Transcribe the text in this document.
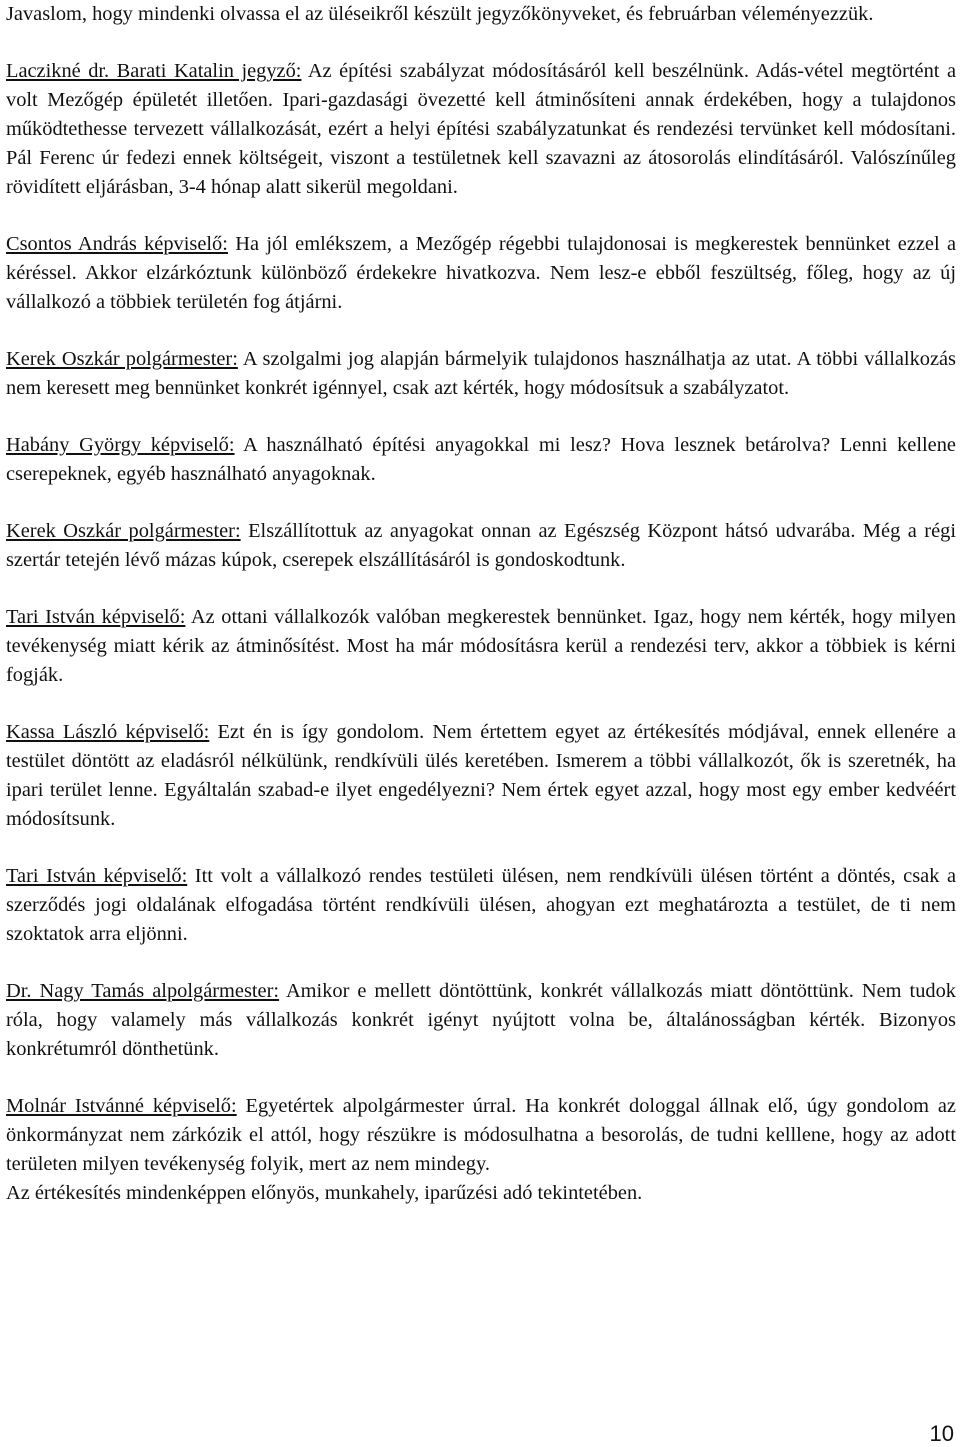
Javaslom, hogy mindenki olvassa el az üléseikről készült jegyzőkönyveket, és februárban véleményezzük.

Laczikné dr. Barati Katalin jegyző: Az építési szabályzat módosításáról kell beszélnünk. Adás-vétel megtörtént a volt Mezőgép épületét illetően. Ipari-gazdasági övezetté kell átminősíteni annak érdekében, hogy a tulajdonos működtethesse tervezett vállalkozását, ezért a helyi építési szabályzatunkat és rendezési tervünket kell módosítani. Pál Ferenc úr fedezi ennek költségeit, viszont a testületnek kell szavazni az átosorolás elindításáról. Valószínűleg rövidített eljárásban, 3-4 hónap alatt sikerül megoldani.

Csontos András képviselő: Ha jól emlékszem, a Mezőgép régebbi tulajdonosai is megkerestek bennünket ezzel a kéréssel. Akkor elzárkóztunk különböző érdekekre hivatkozva. Nem lesz-e ebből feszültség, főleg, hogy az új vállalkozó a többiek területén fog átjárni.

Kerek Oszkár polgármester: A szolgalmi jog alapján bármelyik tulajdonos használhatja az utat. A többi vállalkozás nem keresett meg bennünket konkrét igénnyel, csak azt kérték, hogy módosítsuk a szabályzatot.

Habány György képviselő: A használható építési anyagokkal mi lesz? Hova lesznek betárolva? Lenni kellene cserepeknek, egyéb használható anyagoknak.

Kerek Oszkár polgármester: Elszállítottuk az anyagokat onnan az Egészség Központ hátsó udvarába. Még a régi szertár tetején lévő mázas kúpok, cserepek elszállításáról is gondoskodtunk.

Tari István képviselő: Az ottani vállalkozók valóban megkerestek bennünket. Igaz, hogy nem kérték, hogy milyen tevékenység miatt kérik az átminősítést. Most ha már módosításra kerül a rendezési terv, akkor a többiek is kérni fogják.

Kassa László képviselő: Ezt én is így gondolom. Nem értettem egyet az értékesítés módjával, ennek ellenére a testület döntött az eladásról nélkülünk, rendkívüli ülés keretében. Ismerem a többi vállalkozót, ők is szeretnék, ha ipari terület lenne. Egyáltalán szabad-e ilyet engedélyezni? Nem értek egyet azzal, hogy most egy ember kedvéért módosítsunk.

Tari István képviselő: Itt volt a vállalkozó rendes testületi ülésen, nem rendkívüli ülésen történt a döntés, csak a szerződés jogi oldalának elfogadása történt rendkívüli ülésen, ahogyan ezt meghatározta a testület, de ti nem szoktatok arra eljönni.

Dr. Nagy Tamás alpolgármester: Amikor e mellett döntöttünk, konkrét vállalkozás miatt döntöttünk. Nem tudok róla, hogy valamely más vállalkozás konkrét igényt nyújtott volna be, általánosságban kérték. Bizonyos konkrétumról dönthetünk.

Molnár Istvánné képviselő: Egyetértek alpolgármester úrral. Ha konkrét dologgal állnak elő, úgy gondolom az önkormányzat nem zárkózik el attól, hogy részükre is módosulhatna a besorolás, de tudni kelllene, hogy az adott területen milyen tevékenység folyik, mert az nem mindegy.

Az értékesítés mindenképpen előnyös, munkahely, iparűzési adó tekintetében.

10
